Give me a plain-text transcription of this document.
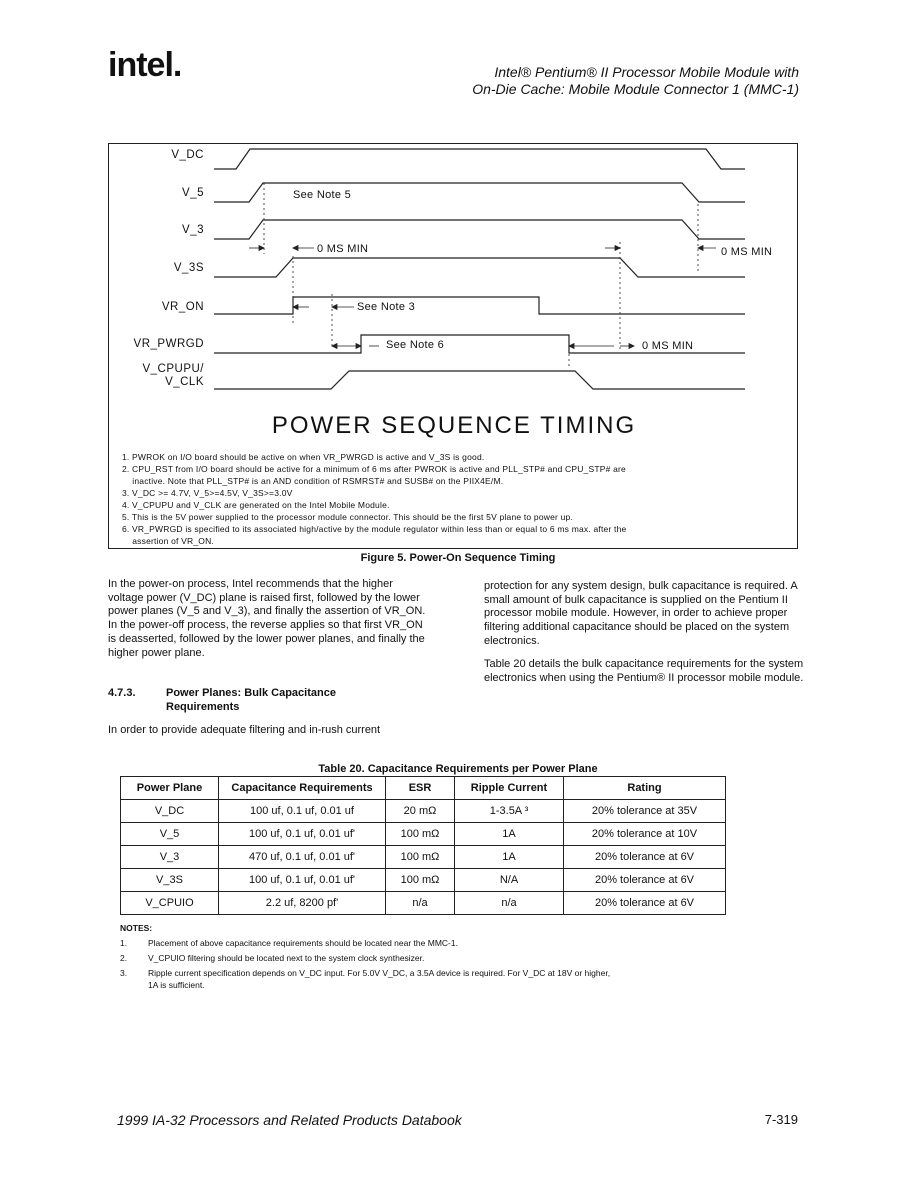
intel.	Intel® Pentium® II Processor Mobile Module with
On-Die Cache: Mobile Module Connector 1 (MMC-1)
V_DC
V_5
V_3
V_3S
VR_ON
VR_PWRGD
V_CPUPU/
V_CLK
See Note 5
0 MS MIN	0 MS MIN
See Note 3
See Note 6	0 MS MIN
POWER SEQUENCE TIMING
1. PWROK on I/O board should be active on when VR_PWRGD is active and V_3S is good.
2. CPU_RST from I/O board should be active for a minimum of 6 ms after PWROK is active and PLL_STP# and CPU_STP# are
inactive. Note that PLL_STP# is an AND condition of RSMRST# and SUSB# on the PIIX4E/M.
3. V_DC >= 4.7V, V_5>=4.5V, V_3S>=3.0V
4. V_CPUPU and V_CLK are generated on the Intel Mobile Module.
5. This is the 5V power supplied to the processor module connector. This should be the first 5V plane to power up.
6. VR_PWRGD is specified to its associated high/active by the module regulator within less than or equal to 6 ms max. after the
assertion of VR_ON.
Figure 5. Power-On Sequence Timing
In the power-on process, Intel recommends that the higher voltage power (V_DC) plane is raised first, followed by the lower power planes (V_5 and V_3), and finally the assertion of VR_ON. In the power-off process, the reverse applies so that first VR_ON is deasserted, followed by the lower power planes, and finally the higher power plane.
4.7.3.	Power Planes: Bulk Capacitance Requirements
In order to provide adequate filtering and in-rush current
protection for any system design, bulk capacitance is required. A small amount of bulk capacitance is supplied on the Pentium II processor mobile module. However, in order to achieve proper filtering additional capacitance should be placed on the system electronics.
Table 20 details the bulk capacitance requirements for the system electronics when using the Pentium® II processor mobile module.
Table 20. Capacitance Requirements per Power Plane
Power Plane	Capacitance Requirements	ESR	Ripple Current	Rating
V_DC	100 uf, 0.1 uf, 0.01 uf	20 mΩ	1-3.5A ³	20% tolerance at 35V
V_5	100 uf, 0.1 uf, 0.01 uf'	100 mΩ	1A	20% tolerance at 10V
V_3	470 uf, 0.1 uf, 0.01 uf'	100 mΩ	1A	20% tolerance at 6V
V_3S	100 uf, 0.1 uf, 0.01 uf'	100 mΩ	N/A	20% tolerance at 6V
V_CPUIO	2.2 uf, 8200 pf'	n/a	n/a	20% tolerance at 6V
NOTES:
1. Placement of above capacitance requirements should be located near the MMC-1.
2. V_CPUIO filtering should be located next to the system clock synthesizer.
3. Ripple current specification depends on V_DC input. For 5.0V V_DC, a 3.5A device is required. For V_DC at 18V or higher,
1A is sufficient.
1999 IA-32 Processors and Related Products Databook	7-319
